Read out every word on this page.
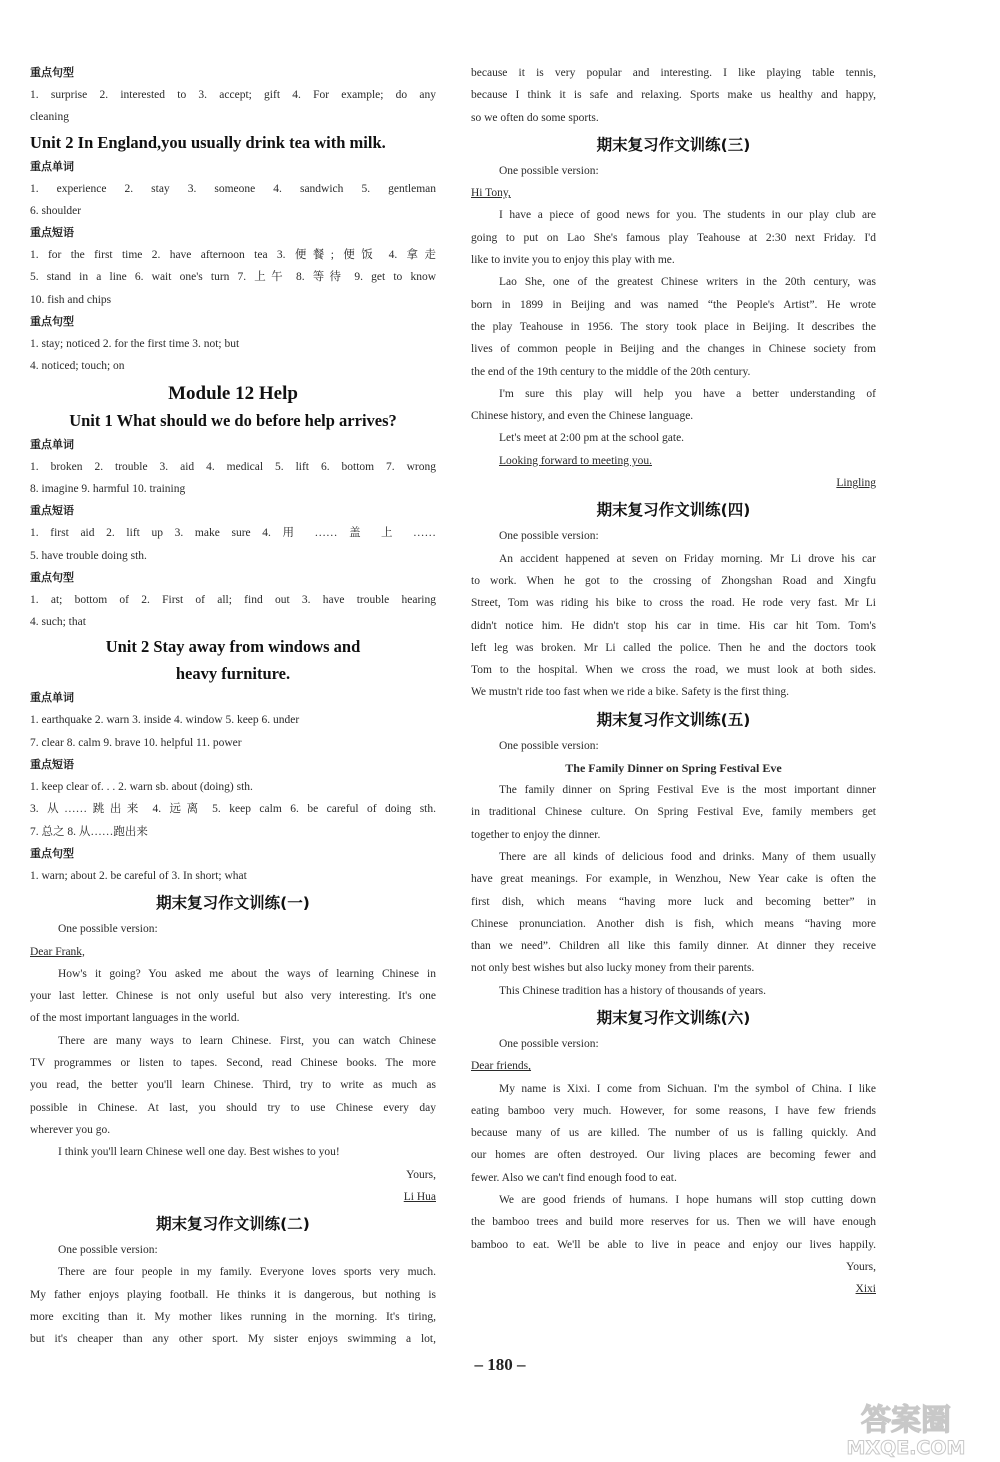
重点句型
1. surprise 2. interested to 3. accept; gift 4. For example; do any
cleaning
Unit 2 In England,you usually drink tea with milk.
重点单词
1. experience 2. stay 3. someone 4. sandwich 5. gentleman
6. shoulder
重点短语
1. for the first time 2. have afternoon tea 3. 便餐; 便饭 4. 拿走
5. stand in a line 6. wait one's turn 7. 上午 8. 等待 9. get to know
10. fish and chips
重点句型
1. stay; noticed 2. for the first time 3. not; but
4. noticed; touch; on
Module 12 Help
Unit 1 What should we do before help arrives?
重点单词
1. broken 2. trouble 3. aid 4. medical 5. lift 6. bottom 7. wrong
8. imagine 9. harmful 10. training
重点短语
1. first aid 2. lift up 3. make sure 4. 用 …… 盖 上 ……
5. have trouble doing sth.
重点句型
1. at; bottom of 2. First of all; find out 3. have trouble hearing
4. such; that
Unit 2 Stay away from windows and
heavy furniture.
重点单词
1. earthquake 2. warn 3. inside 4. window 5. keep 6. under
7. clear 8. calm 9. brave 10. helpful 11. power
重点短语
1. keep clear of. . . 2. warn sb. about (doing) sth.
3. 从……跳出来 4. 远离 5. keep calm 6. be careful of doing sth.
7. 总之 8. 从……跑出来
重点句型
1. warn; about 2. be careful of 3. In short; what
期末复习作文训练(一)
One possible version:
Dear Frank,
How's it going? You asked me about the ways of learning Chinese in
your last letter. Chinese is not only useful but also very interesting. It's one
of the most important languages in the world.
There are many ways to learn Chinese. First, you can watch Chinese
TV programmes or listen to tapes. Second, read Chinese books. The more
you read, the better you'll learn Chinese. Third, try to write as much as
possible in Chinese. At last, you should try to use Chinese every day
wherever you go.
I think you'll learn Chinese well one day. Best wishes to you!
Yours,
Li Hua
期末复习作文训练(二)
One possible version:
There are four people in my family. Everyone loves sports very much.
My father enjoys playing football. He thinks it is dangerous, but nothing is
more exciting than it. My mother likes running in the morning. It's tiring,
but it's cheaper than any other sport. My sister enjoys swimming a lot,
because it is very popular and interesting. I like playing table tennis,
because I think it is safe and relaxing. Sports make us healthy and happy,
so we often do some sports.
期末复习作文训练(三)
One possible version:
Hi Tony,
I have a piece of good news for you. The students in our play club are
going to put on Lao She's famous play Teahouse at 2:30 next Friday. I'd
like to invite you to enjoy this play with me.
Lao She, one of the greatest Chinese writers in the 20th century, was
born in 1899 in Beijing and was named “the People's Artist”. He wrote
the play Teahouse in 1956. The story took place in Beijing. It describes the
lives of common people in Beijing and the changes in Chinese society from
the end of the 19th century to the middle of the 20th century.
I'm sure this play will help you have a better understanding of
Chinese history, and even the Chinese language.
Let's meet at 2:00 pm at the school gate.
Looking forward to meeting you.
Lingling
期末复习作文训练(四)
One possible version:
An accident happened at seven on Friday morning. Mr Li drove his car
to work. When he got to the crossing of Zhongshan Road and Xingfu
Street, Tom was riding his bike to cross the road. He rode very fast. Mr Li
didn't notice him. He didn't stop his car in time. His car hit Tom. Tom's
left leg was broken. Mr Li called the police. Then he and the doctors took
Tom to the hospital. When we cross the road, we must look at both sides.
We mustn't ride too fast when we ride a bike. Safety is the first thing.
期末复习作文训练(五)
One possible version:
The Family Dinner on Spring Festival Eve
The family dinner on Spring Festival Eve is the most important dinner
in traditional Chinese culture. On Spring Festival Eve, family members get
together to enjoy the dinner.
There are all kinds of delicious food and drinks. Many of them usually
have great meanings. For example, in Wenzhou, New Year cake is often the
first dish, which means “having more luck and becoming better” in
Chinese pronunciation. Another dish is fish, which means “having more
than we need”. Children all like this family dinner. At dinner they receive
not only best wishes but also lucky money from their parents.
This Chinese tradition has a history of thousands of years.
期末复习作文训练(六)
One possible version:
Dear friends,
My name is Xixi. I come from Sichuan. I'm the symbol of China. I like
eating bamboo very much. However, for some reasons, I have few friends
because many of us are killed. The number of us is falling quickly. And
our homes are often destroyed. Our living places are becoming fewer and
fewer. Also we can't find enough food to eat.
We are good friends of humans. I hope humans will stop cutting down
the bamboo trees and build more reserves for us. Then we will have enough
bamboo to eat. We'll be able to live in peace and enjoy our lives happily.
Yours,
Xixi
– 180 –
答案圈
MXQE.COM
